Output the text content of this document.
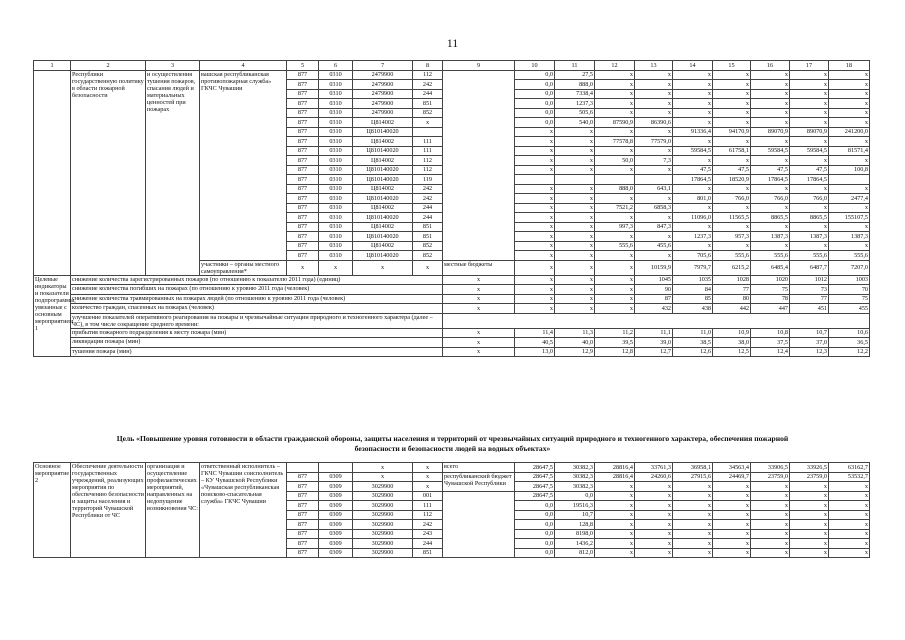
11
1	2	3	4	5	6	7	8	9	10	11	12	13	14	15	16	17	18
	Республики государственную политику в области пожарной безопасности	и осуществления тушения пожаров, спасания людей и материальных ценностей при пожарах	вашская республиканская противопожарная служба» ГКЧС Чувашии	877	0310	2479900	112		0,0	27,5	x	x	x	x	x	x	x
				877	0310	2479900	242		0,0	888,0	x	x	x	x	x	x	x
				877	0310	2479900	244		0,0	7338,4	x	x	x	x	x	x	x
				877	0310	2479900	851		0,0	1237,3	x	x	x	x	x	x	x
				877	0310	2479900	852		0,0	505,6	x	x	x	x	x	x	x
				877	0310	Ц814002	x		0,0	540,0	87590,9	86390,6	x	x	x	x	x
				877	0310	Ц810140020			x	x	x	x	91336,4	94170,9	89070,9	89070,9	241200,0
				877	0310	Ц814002	111		x	x	77578,8	77579,0	x	x	x	x	x
				877	0310	Ц810140020	111		x	x	x	x	59584,5	61758,1	59584,5	59584,5	81571,4
				877	0310	Ц814002	112		x	x	50,0	7,3	x	x	x	x	x
				877	0310	Ц810140020	112		x	x	x	x	47,5	47,5	47,5	47,5	100,8
				877	0310	Ц810140020	119						17864,5	18520,9	17864,5	17864,5	
				877	0310	Ц814002	242		x	x	888,0	643,1	x	x	x	x	x
				877	0310	Ц810140020	242		x	x	x	x	801,0	766,0	766,0	766,0	2477,4
				877	0310	Ц814002	244		x	x	7521,2	6858,3	x	x	x	x	x
				877	0310	Ц810140020	244		x	x	x	x	11096,0	11565,5	8865,5	8865,5	155107,5
				877	0310	Ц814002	851		x	x	997,3	847,3	x	x	x	x	x
				877	0310	Ц810140020	851		x	x	x	x	1237,3	957,3	1387,3	1387,3	1387,3
				877	0310	Ц814002	852		x	x	555,6	455,6	x	x	x	x	x
				877	0310	Ц810140020	852		x	x	x	x	705,6	555,6	555,6	555,6	555,6
			участники – органы местного самоуправления*	x	x	x	x	местные бюджеты	x	x	x	10159,9	7979,7	6215,2	6485,4	6487,7	7207,0
Целевые индикаторы и показатели подпрограммы, увязанные с основным мероприятием 1	снижение количества зарегистрированных пожаров (по отношению к показателю 2011 года) (единиц)							x	x	x	x	1045	1035	1028	1020	1012	1003
	снижение количества погибших на пожарах (по отношению к уровню 2011 года (человек)							x	x	x	x	90	84	77	75	73	70
	снижение количества травмированных на пожарах людей (по отношению к уровню 2011 года (человек)							x	x	x	x	87	85	80	78	77	75
	количество граждан, спасенных на пожарах (человек)							x	x	x	x	432	438	442	447	451	455
	улучшение показателей оперативного реагирования на пожары и чрезвычайные ситуации природного и техногенного характера (далее – ЧС), в том числе сокращение среднего времени:																
	прибытия пожарного подразделения к месту пожара (мин)							x	11,4	11,3	11,2	11,1	11,0	10,9	10,8	10,7	10,6
	ликвидации пожара (мин)							x	40,5	40,0	39,5	39,0	38,5	38,0	37,5	37,0	36,5
	тушения пожара (мин)							x	13,0	12,9	12,8	12,7	12,6	12,5	12,4	12,3	12,2
Цель «Повышение уровня готовности в области гражданской обороны, защиты населения и территорий от чрезвычайных ситуаций природного и техногенного характера, обеспечения пожарной безопасности и безопасности людей на водных объектах»
Основное мероприятие 2	Обеспечение деятельности государственных учреждений, реализующих мероприятия по обеспечению безопасности и защиты населения и территорий Чувашской Республики от ЧС	организация и осуществление профилактических мероприятий, направленных на недопущение возникновения ЧС:	ответственный исполнитель – ГКЧС Чувашии соисполнитель – КУ Чувашской Республики «Чувашская республиканская поисково-спасательная служба» ГКЧС Чувашии			x	x	всего	28647,5	30382,3	28816,4	33761,3	36958,1	34563,4	33906,5	33926,5	63162,7
				877	0309	x	x	республиканский бюджет Чувашской Республики	28647,5	30382,3	28816,4	24260,6	27915,6	24469,7	23759,0	23759,0	53532,7
				877	0309	3029900	x		28647,5	30382,3	x	x	x	x	x	x	x
				877	0309	3029900	001		28647,5	0,0	x	x	x	x	x	x	x
				877	0309	3029900	111		0,0	19516,3	x	x	x	x	x	x	x
				877	0309	3029900	112		0,0	10,7	x	x	x	x	x	x	x
				877	0309	3029900	242		0,0	128,8	x	x	x	x	x	x	x
				877	0309	3029900	243		0,0	8198,0	x	x	x	x	x	x	x
				877	0309	3029900	244		0,0	1436,2	x	x	x	x	x	x	x
				877	0309	3029900	851		0,0	812,0	x	x	x	x	x	x	x
